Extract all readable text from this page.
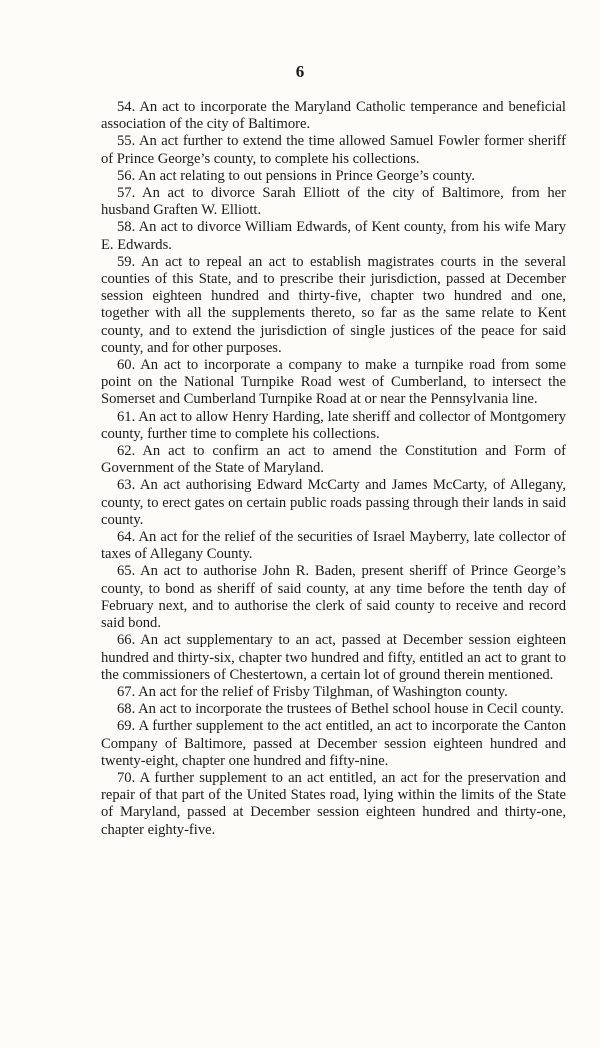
6

54. An act to incorporate the Maryland Catholic temperance and beneficial association of the city of Baltimore.

55. An act further to extend the time allowed Samuel Fowler former sheriff of Prince George’s county, to complete his collections.

56. An act relating to out pensions in Prince George’s county.

57. An act to divorce Sarah Elliott of the city of Baltimore, from her husband Graften W. Elliott.

58. An act to divorce William Edwards, of Kent county, from his wife Mary E. Edwards.

59. An act to repeal an act to establish magistrates courts in the several counties of this State, and to prescribe their jurisdiction, passed at December session eighteen hundred and thirty-five, chapter two hundred and one, together with all the supplements thereto, so far as the same relate to Kent county, and to extend the jurisdiction of single justices of the peace for said county, and for other purposes.

60. An act to incorporate a company to make a turnpike road from some point on the National Turnpike Road west of Cumberland, to intersect the Somerset and Cumberland Turnpike Road at or near the Pennsylvania line.

61. An act to allow Henry Harding, late sheriff and collector of Montgomery county, further time to complete his collections.

62. An act to confirm an act to amend the Constitution and Form of Government of the State of Maryland.

63. An act authorising Edward McCarty and James McCarty, of Allegany, county, to erect gates on certain public roads passing through their lands in said county.

64. An act for the relief of the securities of Israel Mayberry, late collector of taxes of Allegany County.

65. An act to authorise John R. Baden, present sheriff of Prince George’s county, to bond as sheriff of said county, at any time before the tenth day of February next, and to authorise the clerk of said county to receive and record said bond.

66. An act supplementary to an act, passed at December session eighteen hundred and thirty-six, chapter two hundred and fifty, entitled an act to grant to the commissioners of Chestertown, a certain lot of ground therein mentioned.

67. An act for the relief of Frisby Tilghman, of Washington county.

68. An act to incorporate the trustees of Bethel school house in Cecil county.

69. A further supplement to the act entitled, an act to incorporate the Canton Company of Baltimore, passed at December session eighteen hundred and twenty-eight, chapter one hundred and fifty-nine.

70. A further supplement to an act entitled, an act for the preservation and repair of that part of the United States road, lying within the limits of the State of Maryland, passed at December session eighteen hundred and thirty-one, chapter eighty-five.
